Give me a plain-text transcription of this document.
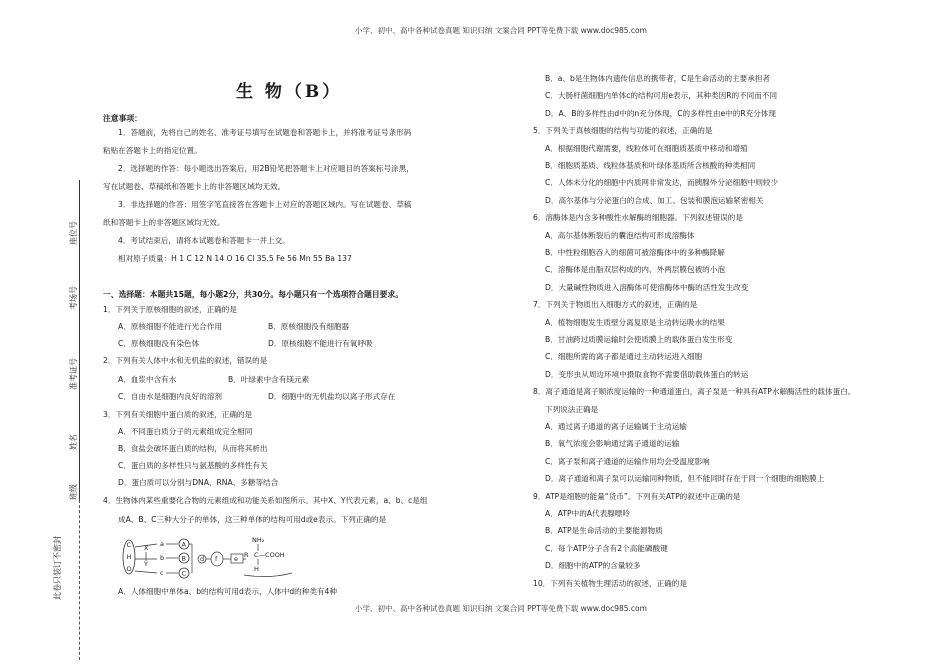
小学、初中、高中各种试卷真题 知识归纳 文案合同 PPT等免费下载 www.doc985.com
小学、初中、高中各种试卷真题 知识归纳 文案合同 PPT等免费下载 www.doc985.com
座位号
考场号
准考证号
姓名
班级
此卷只装订不密封
生 物（B）
注意事项：
1．答题前，先将自己的姓名、准考证号填写在试题卷和答题卡上，并将准考证号条形码
粘贴在答题卡上的指定位置。
2．选择题的作答：每小题选出答案后，用2B铅笔把答题卡上对应题目的答案标号涂黑，
写在试题卷、草稿纸和答题卡上的非答题区域均无效。
3．非选择题的作答：用签字笔直接答在答题卡上对应的答题区域内。写在试题卷、草稿
纸和答题卡上的非答题区域均无效。
4．考试结束后，请将本试题卷和答题卡一并上交。
相对原子质量：H 1 C 12 N 14 O 16 Cl 35.5 Fe 56 Mn 55 Ba 137
一、选择题：本题共15题，每小题2分，共30分。每小题只有一个选项符合题目要求。
1．下列关于原核细胞的叙述，正确的是
A．原核细胞不能进行光合作用	B．原核细胞没有细胞器
C．原核细胞没有染色体	D．原核细胞不能进行有氧呼吸
2．下列有关人体中水和无机盐的叙述，错误的是
A．血浆中含有水	B．叶绿素中含有镁元素
C．自由水是细胞内良好的溶剂	D．细胞中的无机盐均以离子形式存在
3．下列有关细胞中蛋白质的叙述，正确的是
A．不同蛋白质分子的元素组成完全相同
B．食盐会破坏蛋白质的结构，从而将其析出
C．蛋白质的多样性只与氨基酸的多样性有关
D．蛋白质可以分别与DNA、RNA、多糖等结合
4．生物体内某些重要化合物的元素组成和功能关系如图所示。其中X、Y代表元素，a、b、c是组
成A、B、C三种大分子的单体，这三种单体的结构可用d或e表示。下列正确的是
C
H
O
X
Y
a
b
c
A
B
C
d f	e
NH₂
R C—COOH
H
A．人体细胞中单体a、b的结构可用d表示，人体中d的种类有4种
B．a、b是生物体内遗传信息的携带者，C是生命活动的主要承担者
C．大肠杆菌细胞内单体c的结构可用e表示，其种类因R的不同而不同
D．A、B的多样性由d中的n充分体现，C的多样性由e中的R充分体现
5．下列关于真核细胞的结构与功能的叙述，正确的是
A．根据细胞代谢需要，线粒体可在细胞质基质中移动和增殖
B．细胞质基质、线粒体基质和叶绿体基质所含核酸的种类相同
C．人体未分化的细胞中内质网非常发达，而胰腺外分泌细胞中则较少
D．高尔基体与分泌蛋白的合成、加工、包装和膜泡运输紧密相关
6．溶酶体是内含多种酸性水解酶的细胞器。下列叙述错误的是
A．高尔基体断裂后的囊泡结构可形成溶酶体
B．中性粒细胞吞入的细菌可被溶酶体中的多种酶降解
C．溶酶体是由脂双层构成的内、外两层膜包被的小泡
D．大量碱性物质进入溶酶体可使溶酶体中酶的活性发生改变
7．下列关于物质出入细胞方式的叙述，正确的是
A．植物细胞发生质壁分离复原是主动转运吸水的结果
B．甘油跨过质膜运输时会使质膜上的载体蛋白发生形变
C．细胞所需的离子都是通过主动转运进入细胞
D．变形虫从周边环境中摄取食物不需要借助载体蛋白的转运
8．离子通道是离子顺浓度运输的一种通道蛋白，离子泵是一种具有ATP水解酶活性的载体蛋白。
下列说法正确是
A．通过离子通道的离子运输属于主动运输
B．氧气浓度会影响通过离子通道的运输
C．离子泵和离子通道的运输作用均会受温度影响
D．离子通道和离子泵可以运输同种物质，但不能同时存在于同一个细胞的细胞膜上
9．ATP是细胞的能量“货币”。下列有关ATP的叙述中正确的是
A．ATP中的A代表腺嘌呤
B．ATP是生命活动的主要能源物质
C．每个ATP分子含有2个高能磷酸键
D．细胞中的ATP的含量较多
10．下列有关植物生理活动的叙述，正确的是
